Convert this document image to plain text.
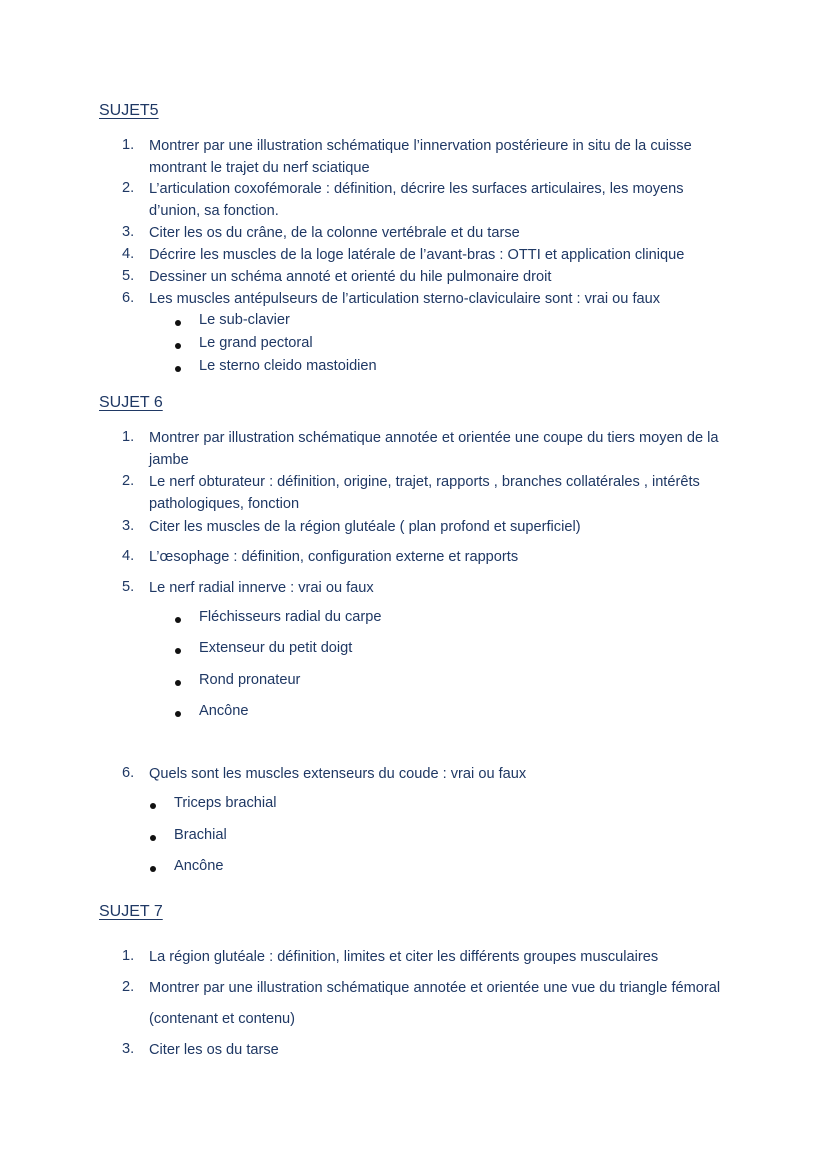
SUJET5
1.	Montrer par une illustration schématique l’innervation postérieure in situ de la cuisse montrant le trajet du nerf sciatique
2.	L’articulation coxofémorale : définition, décrire les surfaces articulaires, les moyens d’union, sa fonction.
3.	Citer les os du crâne, de la colonne vertébrale et du tarse
4.	Décrire les muscles de la loge latérale de l’avant-bras : OTTI et application clinique
5.	Dessiner un schéma annoté et orienté du hile pulmonaire droit
6.	Les muscles antépulseurs de l’articulation sterno-claviculaire sont : vrai ou faux
Le sub-clavier
Le grand pectoral
Le sterno cleido mastoidien
SUJET 6
1.	Montrer par illustration schématique annotée et orientée une coupe du tiers moyen de la jambe
2.	Le nerf obturateur : définition, origine, trajet, rapports , branches collatérales , intérêts pathologiques, fonction
3.	Citer les muscles de la région glutéale ( plan profond et superficiel)
4.	L’œsophage : définition, configuration externe et rapports
5.	Le nerf radial innerve : vrai ou faux
Fléchisseurs radial du carpe
Extenseur du petit doigt
Rond pronateur
Ancône
6.	Quels sont les muscles extenseurs du coude : vrai ou faux
Triceps brachial
Brachial
Ancône
SUJET 7
1.	La région glutéale : définition, limites et citer les différents groupes musculaires
2.	Montrer par une illustration schématique annotée et orientée une vue du triangle fémoral (contenant et contenu)
3.	Citer les os du tarse
